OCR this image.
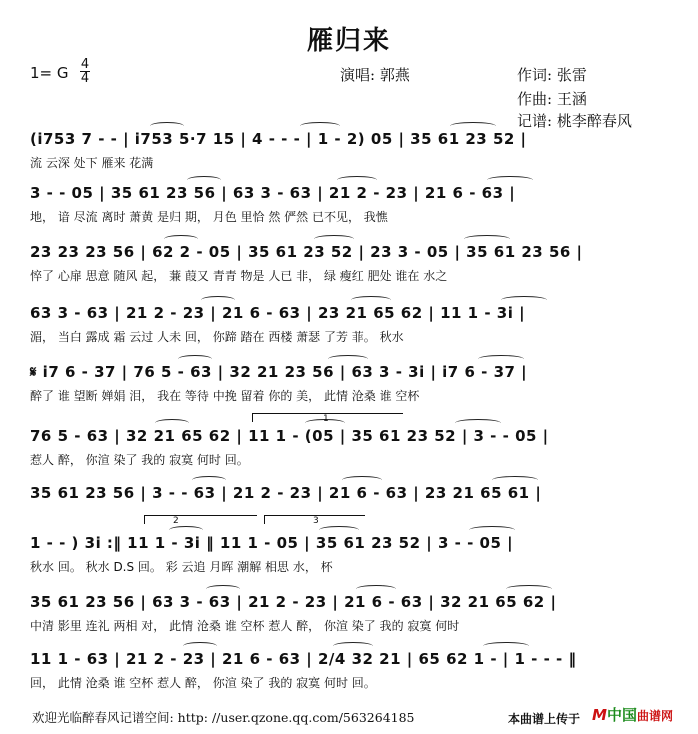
雁归来
1= G 4
4	演唱: 郭燕	作词: 张雷
作曲: 王涵
记谱: 桃李醉春风
(i753 7 - - | i753 5·7 15 | 4 - - - | 1 - 2) 05 | 35 61 23 52 |
流 云深 处下 雁来 花满
3 - - 05 | 35 61 23 56 | 63 3 - 63 | 21 2 - 23 | 21 6 - 63 |
地， 谙 尽流 离时 萧黄 是归 期， 月色 里恰 然 俨然 已不见， 我憔
23 23 23 56 | 62 2 - 05 | 35 61 23 52 | 23 3 - 05 | 35 61 23 56 |
悴了 心扉 思意 随风 起， 蒹 葭又 青青 物是 人已 非， 绿 瘦红 肥处 谁在 水之
63 3 - 63 | 21 2 - 23 | 21 6 - 63 | 23 21 65 62 | 11 1 - 3i |
湄， 当白 露成 霜 云过 人未 回， 你蹄 踏在 西楼 萧瑟 了芳 菲。 秋水
𝄋 i7 6 - 37 | 76 5 - 63 | 32 21 23 56 | 63 3 - 3i | i7 6 - 37 |
醉了 谁 望断 婵娟 泪， 我在 等待 中挽 留着 你的 美， 此情 沧桑 谁 空杯
76 5 - 63 | 32 21 65 62 | 11 1 - (05 | 35 61 23 52 | 3 - - 05 |
惹人 醉， 你渲 染了 我的 寂寞 何时 回。
35 61 23 56 | 3 - - 63 | 21 2 - 23 | 21 6 - 63 | 23 21 65 61 |
1 - - ) 3i :‖ 11 1 - 3i ‖ 11 1 - 05 | 35 61 23 52 | 3 - - 05 |
秋水 回。 秋水 D.S 回。 彩 云追 月晖 潮解 相思 水， 杯
35 61 23 56 | 63 3 - 63 | 21 2 - 23 | 21 6 - 63 | 32 21 65 62 |
中清 影里 连礼 两相 对， 此情 沧桑 谁 空杯 惹人 醉， 你渲 染了 我的 寂寞 何时
11 1 - 63 | 21 2 - 23 | 21 6 - 63 | 2/4 32 21 | 65 62 1 - | 1 - - - ‖
回， 此情 沧桑 谁 空杯 惹人 醉， 你渲 染了 我的 寂寞 何时 回。
2	3
1
欢迎光临醉春风记谱空间: http: //user.qzone.qq.com/563264185	本曲谱上传于 M中国曲谱网
